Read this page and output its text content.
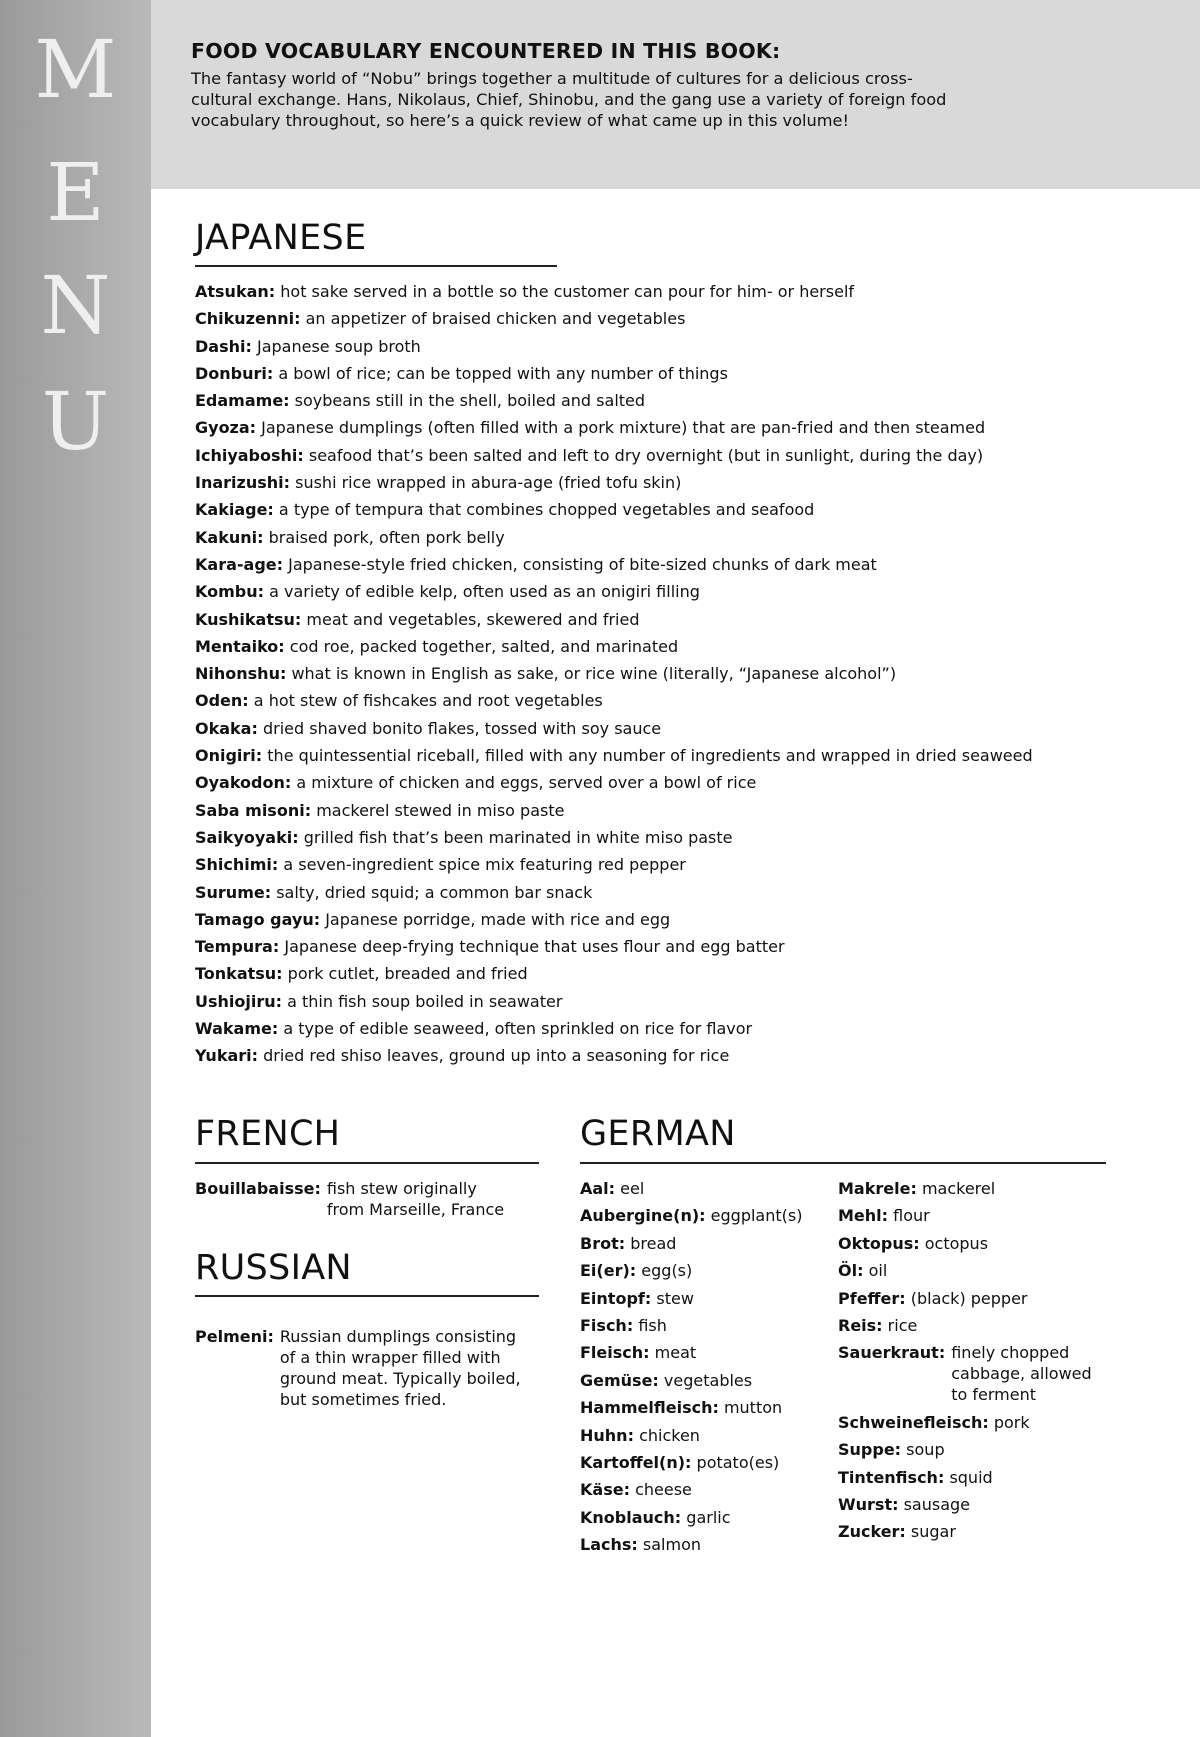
M
E
N
U
FOOD VOCABULARY ENCOUNTERED IN THIS BOOK:
The fantasy world of “Nobu” brings together a multitude of cultures for a delicious cross-cultural exchange. Hans, Nikolaus, Chief, Shinobu, and the gang use a variety of foreign food vocabulary throughout, so here’s a quick review of what came up in this volume!
JAPANESE
Atsukan: hot sake served in a bottle so the customer can pour for him- or herself
Chikuzenni: an appetizer of braised chicken and vegetables
Dashi: Japanese soup broth
Donburi: a bowl of rice; can be topped with any number of things
Edamame: soybeans still in the shell, boiled and salted
Gyoza: Japanese dumplings (often filled with a pork mixture) that are pan-fried and then steamed
Ichiyaboshi: seafood that’s been salted and left to dry overnight (but in sunlight, during the day)
Inarizushi: sushi rice wrapped in abura-age (fried tofu skin)
Kakiage: a type of tempura that combines chopped vegetables and seafood
Kakuni: braised pork, often pork belly
Kara-age: Japanese-style fried chicken, consisting of bite-sized chunks of dark meat
Kombu: a variety of edible kelp, often used as an onigiri filling
Kushikatsu: meat and vegetables, skewered and fried
Mentaiko: cod roe, packed together, salted, and marinated
Nihonshu: what is known in English as sake, or rice wine (literally, “Japanese alcohol”)
Oden: a hot stew of fishcakes and root vegetables
Okaka: dried shaved bonito flakes, tossed with soy sauce
Onigiri: the quintessential riceball, filled with any number of ingredients and wrapped in dried seaweed
Oyakodon: a mixture of chicken and eggs, served over a bowl of rice
Saba misoni: mackerel stewed in miso paste
Saikyoyaki: grilled fish that’s been marinated in white miso paste
Shichimi: a seven-ingredient spice mix featuring red pepper
Surume: salty, dried squid; a common bar snack
Tamago gayu: Japanese porridge, made with rice and egg
Tempura: Japanese deep-frying technique that uses flour and egg batter
Tonkatsu: pork cutlet, breaded and fried
Ushiojiru: a thin fish soup boiled in seawater
Wakame: a type of edible seaweed, often sprinkled on rice for flavor
Yukari: dried red shiso leaves, ground up into a seasoning for rice
FRENCH
Bouillabaisse: fish stew originally from Marseille, France
RUSSIAN
Pelmeni: Russian dumplings consisting of a thin wrapper filled with ground meat. Typically boiled, but sometimes fried.
GERMAN
Aal: eel
Aubergine(n): eggplant(s)
Brot: bread
Ei(er): egg(s)
Eintopf: stew
Fisch: fish
Fleisch: meat
Gemüse: vegetables
Hammelfleisch: mutton
Huhn: chicken
Kartoffel(n): potato(es)
Käse: cheese
Knoblauch: garlic
Lachs: salmon
Makrele: mackerel
Mehl: flour
Oktopus: octopus
Öl: oil
Pfeffer: (black) pepper
Reis: rice
Sauerkraut: finely chopped cabbage, allowed to ferment
Schweinefleisch: pork
Suppe: soup
Tintenfisch: squid
Wurst: sausage
Zucker: sugar
